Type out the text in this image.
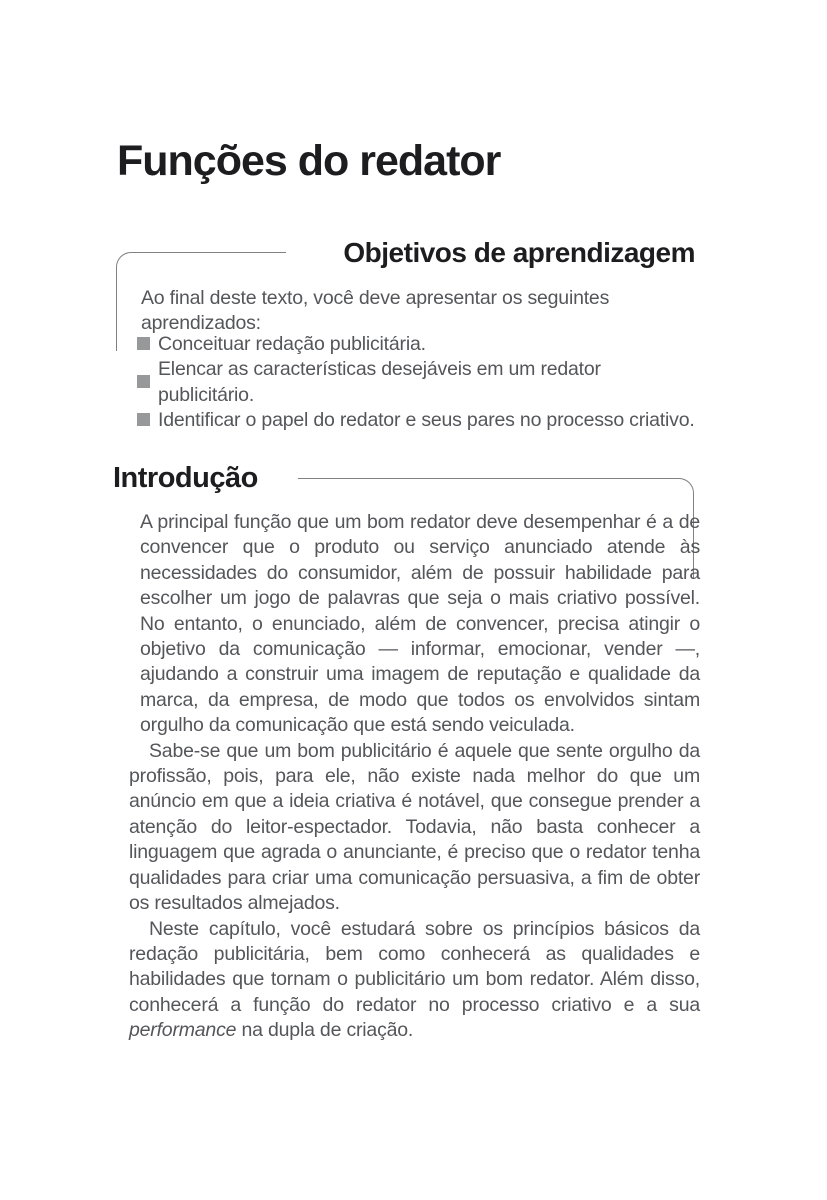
Funções do redator
Objetivos de aprendizagem

Ao final deste texto, você deve apresentar os seguintes aprendizados:

Conceituar redação publicitária.
Elencar as características desejáveis em um redator publicitário.
Identificar o papel do redator e seus pares no processo criativo.
Introdução

A principal função que um bom redator deve desempenhar é a de convencer que o produto ou serviço anunciado atende às necessidades do consumidor, além de possuir habilidade para escolher um jogo de palavras que seja o mais criativo possível. No entanto, o enunciado, além de convencer, precisa atingir o objetivo da comunicação — informar, emocionar, vender —, ajudando a construir uma imagem de reputação e qualidade da marca, da empresa, de modo que todos os envolvidos sintam orgulho da comunicação que está sendo veiculada.

Sabe-se que um bom publicitário é aquele que sente orgulho da profissão, pois, para ele, não existe nada melhor do que um anúncio em que a ideia criativa é notável, que consegue prender a atenção do leitor-espectador. Todavia, não basta conhecer a linguagem que agrada o anunciante, é preciso que o redator tenha qualidades para criar uma comunicação persuasiva, a fim de obter os resultados almejados.

Neste capítulo, você estudará sobre os princípios básicos da redação publicitária, bem como conhecerá as qualidades e habilidades que tornam o publicitário um bom redator. Além disso, conhecerá a função do redator no processo criativo e a sua performance na dupla de criação.
